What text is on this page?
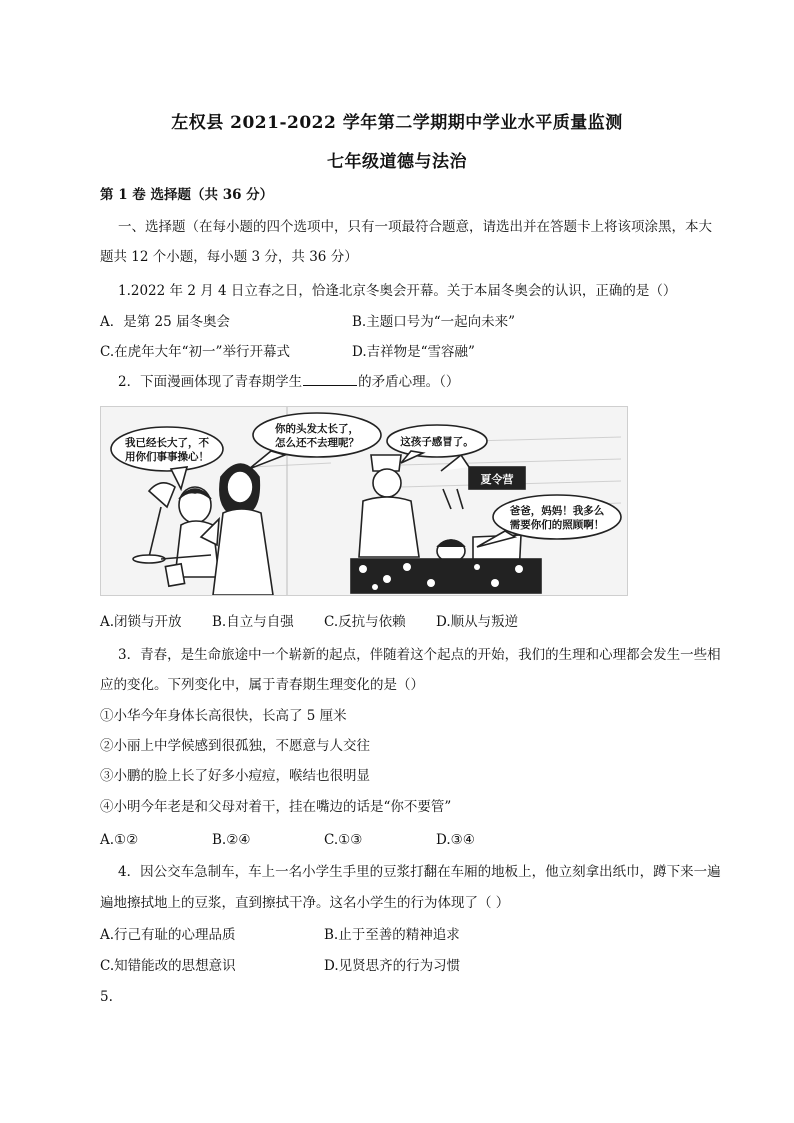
左权县 2021-2022 学年第二学期期中学业水平质量监测
七年级道德与法治
第 1 卷 选择题（共 36 分）
一、选择题（在每小题的四个选项中，只有一项最符合题意，请选出并在答题卡上将该项涂黑，本大
题共 12 个小题，每小题 3 分，共 36 分）
1.2022 年 2 月 4 日立春之日，恰逢北京冬奥会开幕。关于本届冬奥会的认识，正确的是（）
A．是第 25 届冬奥会	B.主题口号为“一起向未来”
C.在虎年大年“初一”举行开幕式	D.吉祥物是“雪容融”
2．下面漫画体现了青春期学生	的矛盾心理。（）
夏令营
我已经长大了，不
用你们事事操心！
你的头发太长了，
怎么还不去理呢？	这孩子感冒了。
爸爸，妈妈！我多么
需要你们的照顾啊！
A.闭锁与开放 B.自立与自强 C.反抗与依赖 D.顺从与叛逆
3．青春，是生命旅途中一个崭新的起点，伴随着这个起点的开始，我们的生理和心理都会发生一些相
应的变化。下列变化中，属于青春期生理变化的是（）
①小华今年身体长高很快，长高了 5 厘米
②小丽上中学候感到很孤独，不愿意与人交往
③小鹏的脸上长了好多小痘痘，喉结也很明显
④小明今年老是和父母对着干，挂在嘴边的话是“你不要管”
A.①②	B.②④	C.①③	D.③④
4．因公交车急制车，车上一名小学生手里的豆浆打翻在车厢的地板上，他立刻拿出纸巾，蹲下来一遍
遍地擦拭地上的豆浆，直到擦拭干净。这名小学生的行为体现了（ ）
A.行己有耻的心理品质	B.止于至善的精神追求
C.知错能改的思想意识	D.见贤思齐的行为习惯
5.
